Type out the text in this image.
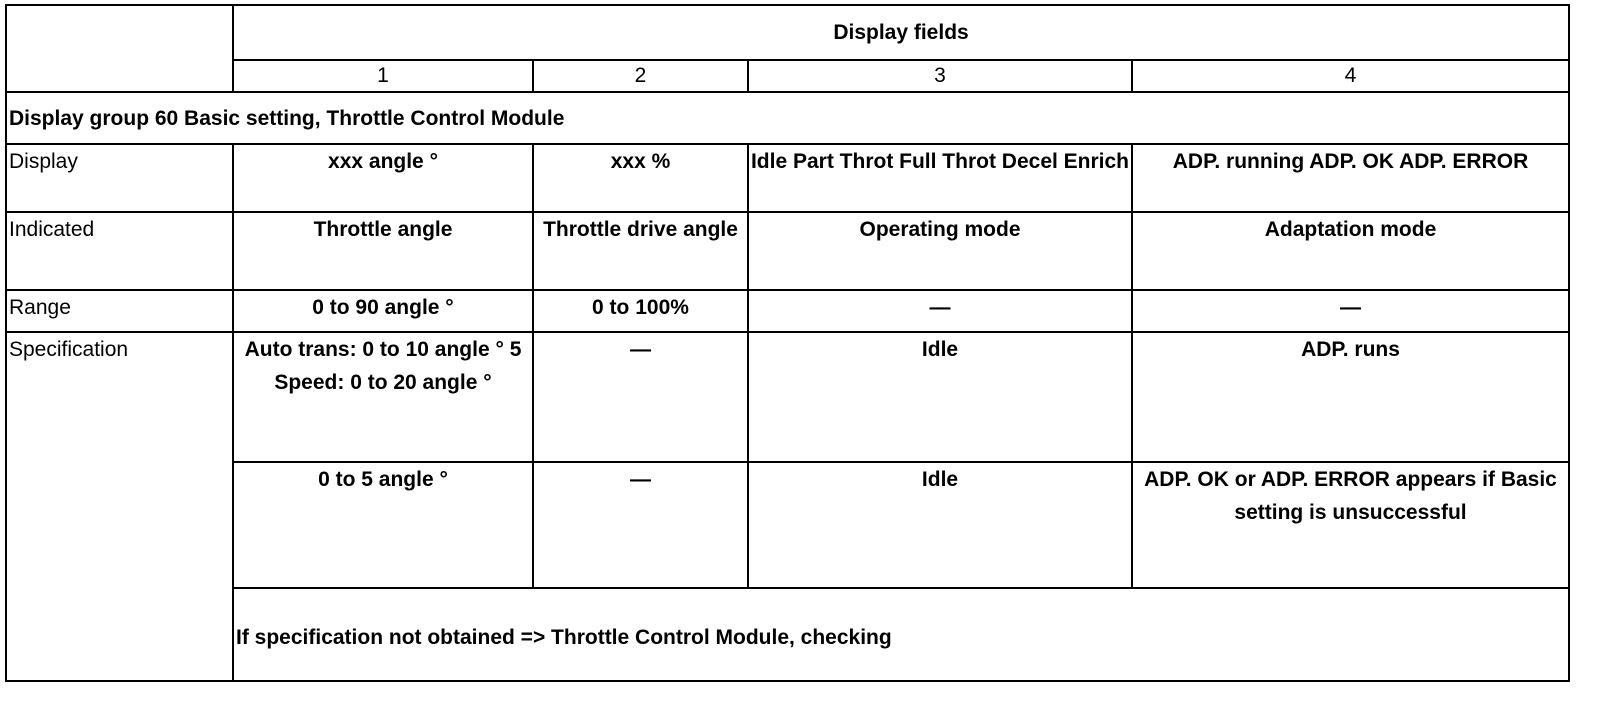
	Display fields			
	1	2	3	4
Display group 60 Basic setting, Throttle Control Module				
Display	xxx angle °	xxx %	Idle Part Throt Full Throt Decel Enrich	ADP. running ADP. OK ADP. ERROR
Indicated	Throttle angle	Throttle drive angle	Operating mode	Adaptation mode
Range	0 to 90 angle °	0 to 100%	—	—
Specification	Auto trans: 0 to 10 angle ° 5 Speed: 0 to 20 angle °	—	Idle	ADP. runs
	0 to 5 angle °	—	Idle	ADP. OK or ADP. ERROR appears if Basic setting is unsuccessful
	If specification not obtained => Throttle Control Module, checking			
